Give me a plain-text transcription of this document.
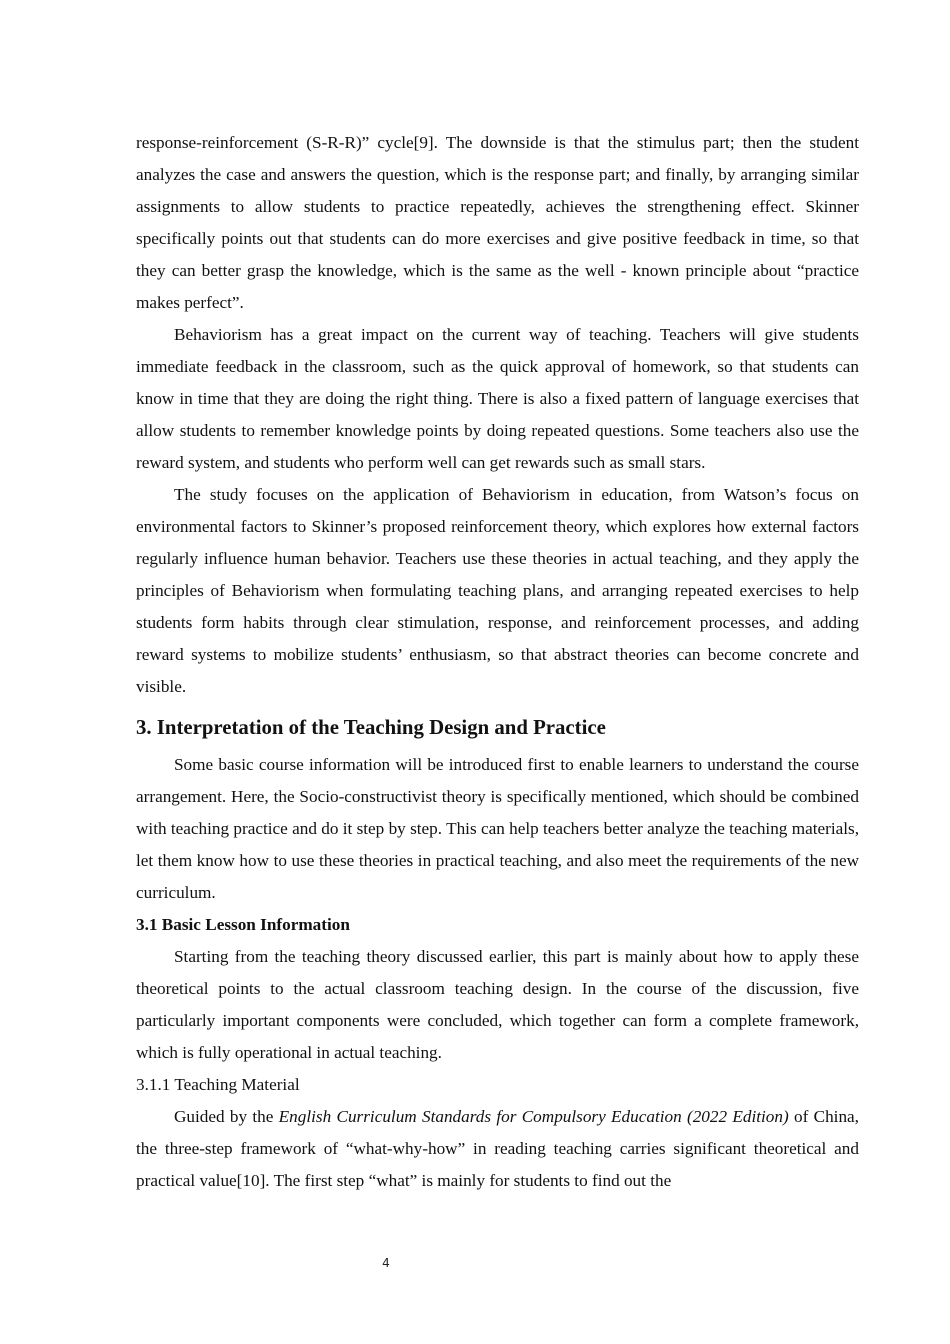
response-reinforcement (S-R-R)” cycle[9]. The downside is that the stimulus part; then the student analyzes the case and answers the question, which is the response part; and finally, by arranging similar assignments to allow students to practice repeatedly, achieves the strengthening effect. Skinner specifically points out that students can do more exercises and give positive feedback in time, so that they can better grasp the knowledge, which is the same as the well - known principle about “practice makes perfect”.

Behaviorism has a great impact on the current way of teaching. Teachers will give students immediate feedback in the classroom, such as the quick approval of homework, so that students can know in time that they are doing the right thing. There is also a fixed pattern of language exercises that allow students to remember knowledge points by doing repeated questions. Some teachers also use the reward system, and students who perform well can get rewards such as small stars.

The study focuses on the application of Behaviorism in education, from Watson’s focus on environmental factors to Skinner’s proposed reinforcement theory, which explores how external factors regularly influence human behavior. Teachers use these theories in actual teaching, and they apply the principles of Behaviorism when formulating teaching plans, and arranging repeated exercises to help students form habits through clear stimulation, response, and reinforcement processes, and adding reward systems to mobilize students’ enthusiasm, so that abstract theories can become concrete and visible.

3. Interpretation of the Teaching Design and Practice

Some basic course information will be introduced first to enable learners to understand the course arrangement. Here, the Socio-constructivist theory is specifically mentioned, which should be combined with teaching practice and do it step by step. This can help teachers better analyze the teaching materials, let them know how to use these theories in practical teaching, and also meet the requirements of the new curriculum.

3.1 Basic Lesson Information

Starting from the teaching theory discussed earlier, this part is mainly about how to apply these theoretical points to the actual classroom teaching design. In the course of the discussion, five particularly important components were concluded, which together can form a complete framework, which is fully operational in actual teaching.

3.1.1 Teaching Material

Guided by the English Curriculum Standards for Compulsory Education (2022 Edition) of China, the three-step framework of “what-why-how” in reading teaching carries significant theoretical and practical value[10]. The first step “what” is mainly for students to find out the

4
